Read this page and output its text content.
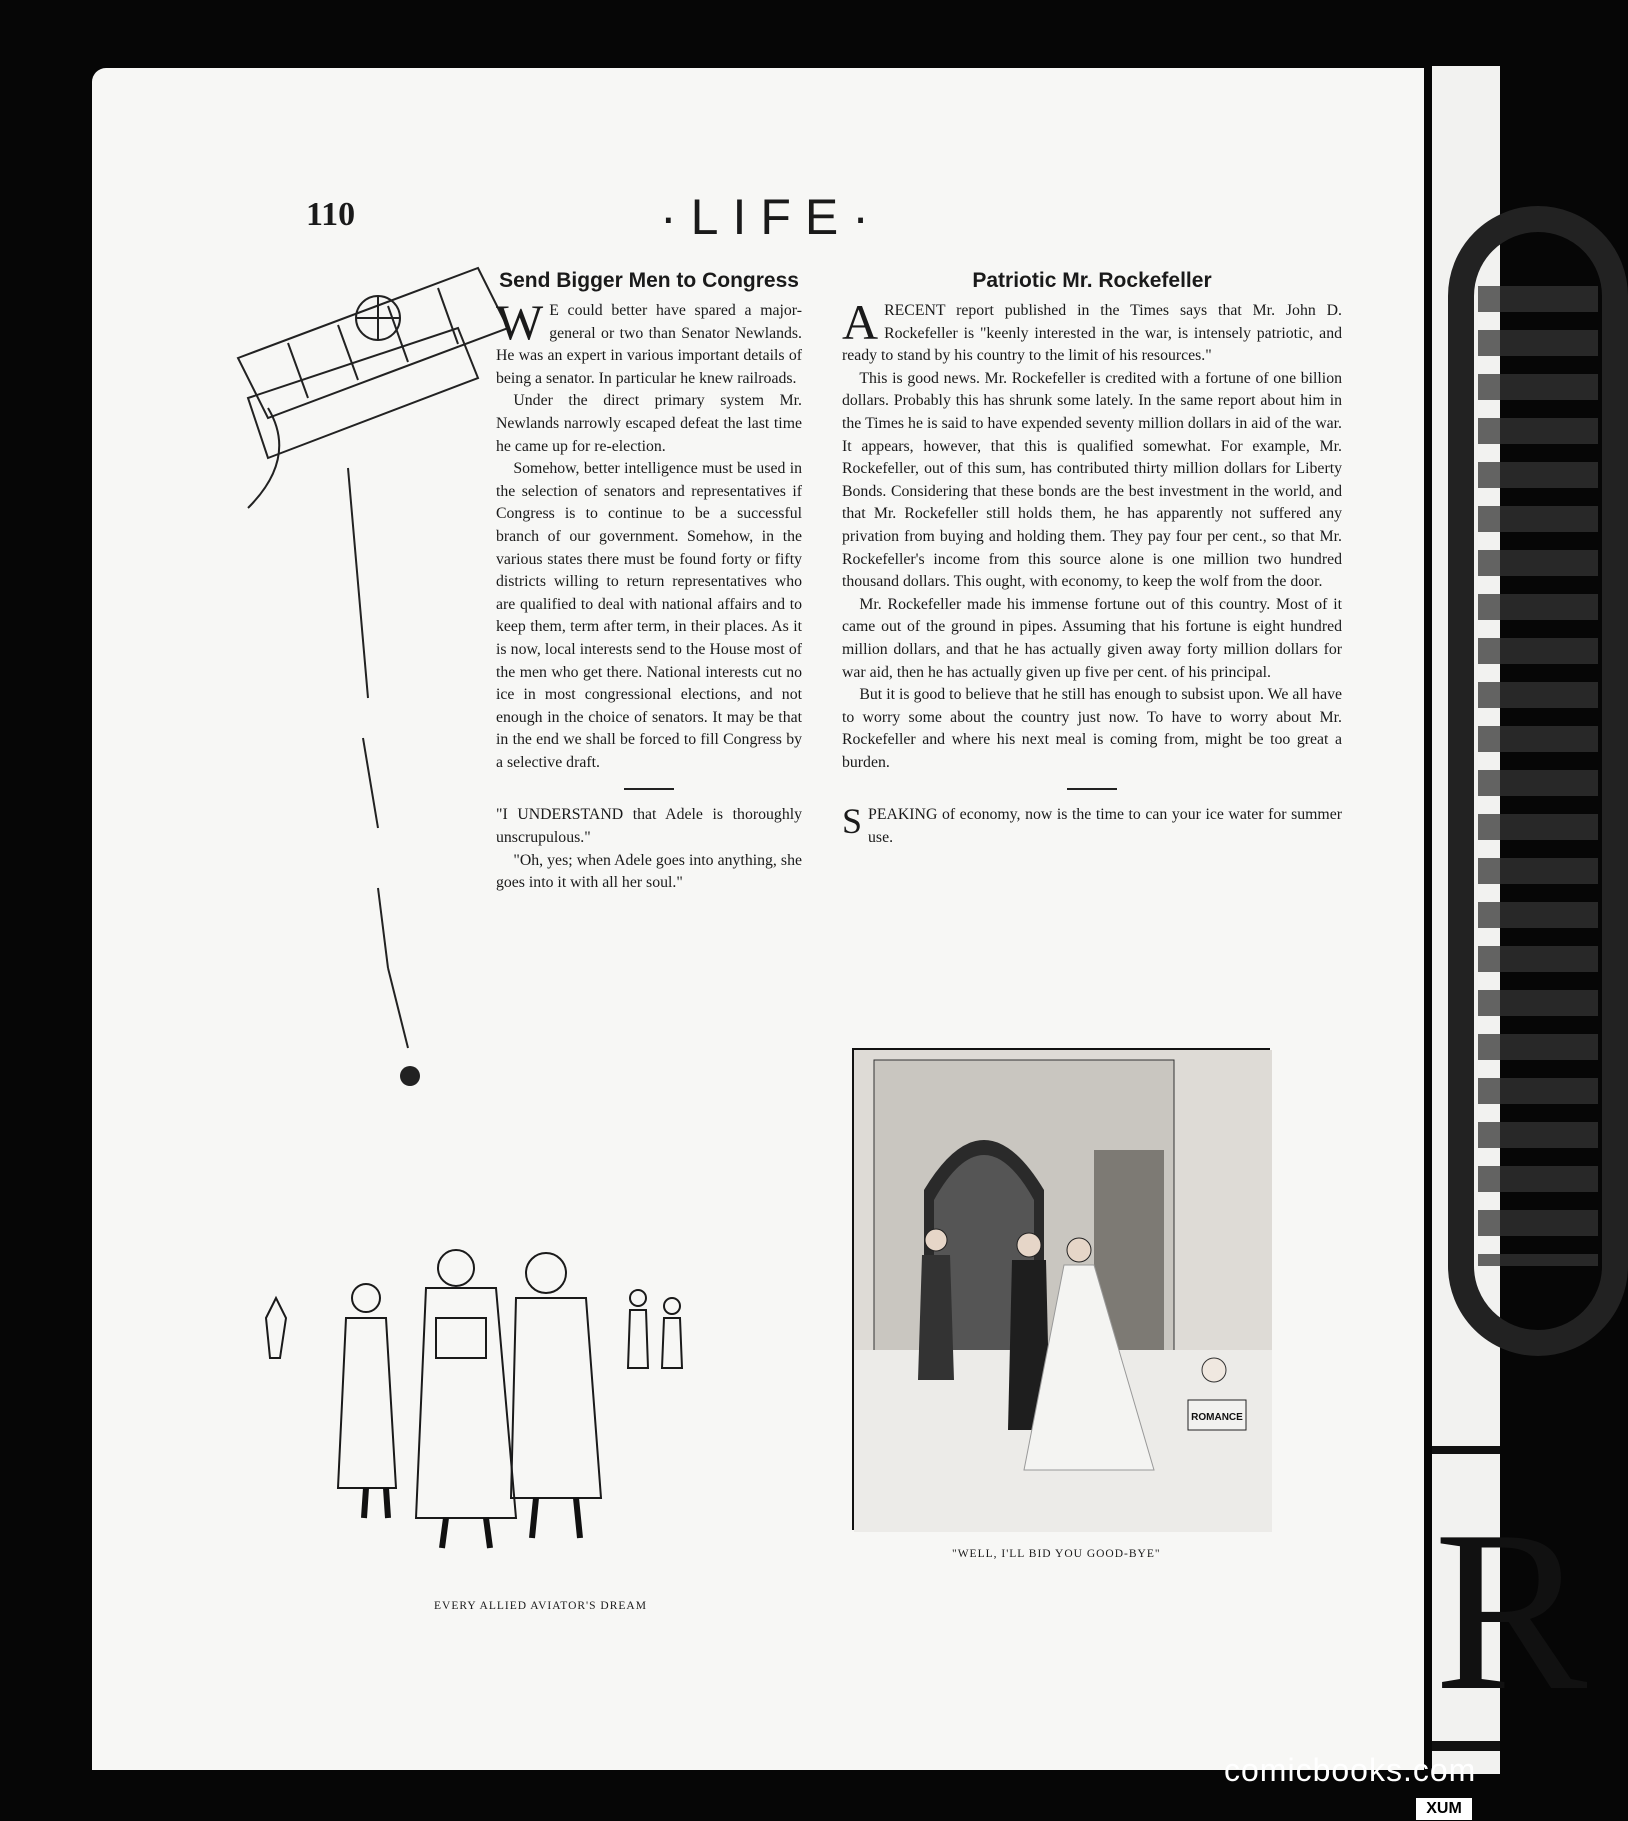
R
110	·LIFE·
Send Bigger Men to Congress

W E could better have spared a major-general or two than Senator Newlands. He was an expert in various important details of being a senator. In particular he knew railroads.

Under the direct primary system Mr. Newlands narrowly escaped defeat the last time he came up for re-election.

Somehow, better intelligence must be used in the selection of senators and representatives if Congress is to continue to be a successful branch of our government. Somehow, in the various states there must be found forty or fifty districts willing to return representatives who are qualified to deal with national affairs and to keep them, term after term, in their places. As it is now, local interests send to the House most of the men who get there. National interests cut no ice in most congressional elections, and not enough in the choice of senators. It may be that in the end we shall be forced to fill Congress by a selective draft.

"I UNDERSTAND that Adele is thoroughly unscrupulous."

"Oh, yes; when Adele goes into anything, she goes into it with all her soul."

Patriotic Mr. Rockefeller

ARECENT report published in the Times says that Mr. John D. Rockefeller is "keenly interested in the war, is intensely patriotic, and ready to stand by his country to the limit of his resources."

This is good news. Mr. Rockefeller is credited with a fortune of one billion dollars. Probably this has shrunk some lately. In the same report about him in the Times he is said to have expended seventy million dollars in aid of the war. It appears, however, that this is qualified somewhat. For example, Mr. Rockefeller, out of this sum, has contributed thirty million dollars for Liberty Bonds. Considering that these bonds are the best investment in the world, and that Mr. Rockefeller still holds them, he has apparently not suffered any privation from buying and holding them. They pay four per cent., so that Mr. Rockefeller's income from this source alone is one million two hundred thousand dollars. This ought, with economy, to keep the wolf from the door.

Mr. Rockefeller made his immense fortune out of this country. Most of it came out of the ground in pipes. Assuming that his fortune is eight hundred million dollars, and that he has actually given away forty million dollars for war aid, then he has actually given up five per cent. of his principal.

But it is good to believe that he still has enough to subsist upon. We all have to worry some about the country just now. To have to worry about Mr. Rockefeller and where his next meal is coming from, might be too great a burden.

SPEAKING of economy, now is the time to can your ice water for summer use.

EVERY ALLIED AVIATOR'S DREAM
ROMANCE
"WELL, I'LL BID YOU GOOD-BYE"
comicbooks.com
XUM
